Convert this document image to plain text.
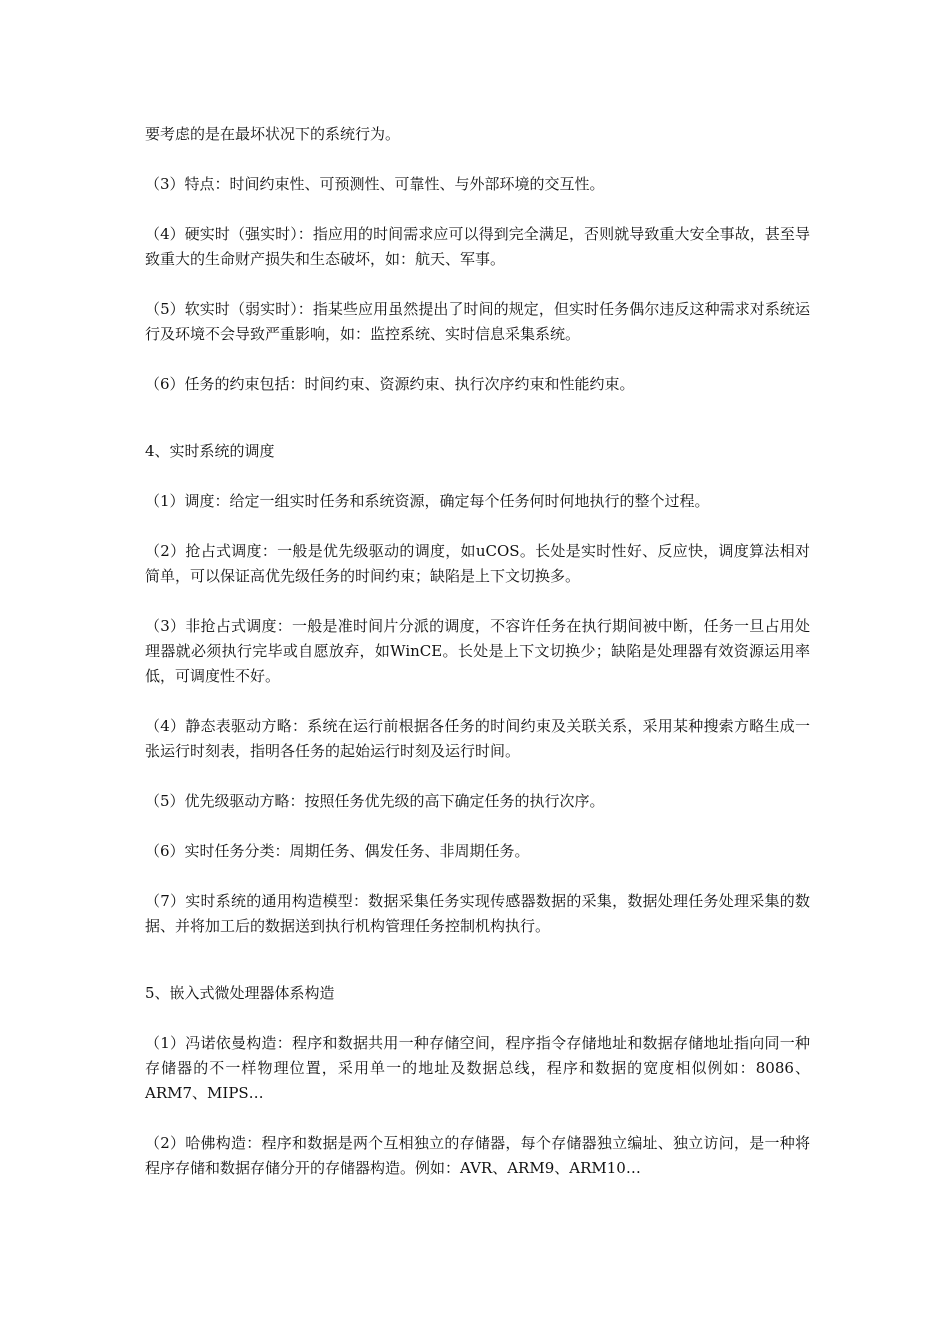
要考虑的是在最坏状况下的系统行为。

（3）特点：时间约束性、可预测性、可靠性、与外部环境的交互性。

（4）硬实时（强实时）：指应用的时间需求应可以得到完全满足，否则就导致重大安全事故，甚至导致重大的生命财产损失和生态破坏，如：航天、军事。

（5）软实时（弱实时）：指某些应用虽然提出了时间的规定，但实时任务偶尔违反这种需求对系统运行及环境不会导致严重影响，如：监控系统、实时信息采集系统。

（6）任务的约束包括：时间约束、资源约束、执行次序约束和性能约束。

4、实时系统的调度

（1）调度：给定一组实时任务和系统资源，确定每个任务何时何地执行的整个过程。

（2）抢占式调度：一般是优先级驱动的调度，如uCOS。长处是实时性好、反应快，调度算法相对简单，可以保证高优先级任务的时间约束；缺陷是上下文切换多。

（3）非抢占式调度：一般是准时间片分派的调度，不容许任务在执行期间被中断，任务一旦占用处理器就必须执行完毕或自愿放弃，如WinCE。长处是上下文切换少；缺陷是处理器有效资源运用率低，可调度性不好。

（4）静态表驱动方略：系统在运行前根据各任务的时间约束及关联关系，采用某种搜索方略生成一张运行时刻表，指明各任务的起始运行时刻及运行时间。

（5）优先级驱动方略：按照任务优先级的高下确定任务的执行次序。

（6）实时任务分类：周期任务、偶发任务、非周期任务。

（7）实时系统的通用构造模型：数据采集任务实现传感器数据的采集，数据处理任务处理采集的数据、并将加工后的数据送到执行机构管理任务控制机构执行。

5、嵌入式微处理器体系构造

（1）冯诺依曼构造：程序和数据共用一种存储空间，程序指令存储地址和数据存储地址指向同一种存储器的不一样物理位置，采用单一的地址及数据总线，程序和数据的宽度相似例如：8086、ARM7、MIPS…

（2）哈佛构造：程序和数据是两个互相独立的存储器，每个存储器独立编址、独立访问，是一种将程序存储和数据存储分开的存储器构造。例如：AVR、ARM9、ARM10…
